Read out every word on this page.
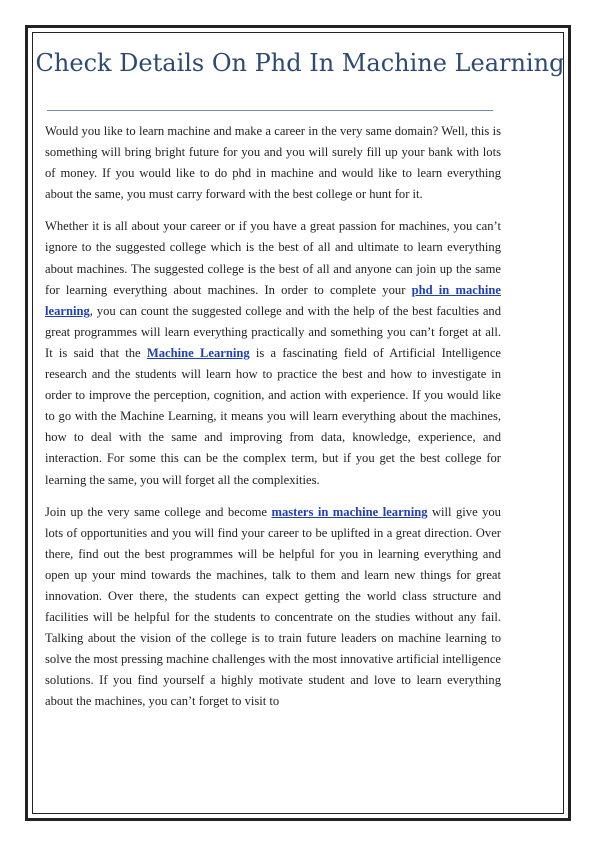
Check Details On Phd In Machine Learning

Would you like to learn machine and make a career in the very same domain? Well, this is something will bring bright future for you and you will surely fill up your bank with lots of money. If you would like to do phd in machine and would like to learn everything about the same, you must carry forward with the best college or hunt for it.

Whether it is all about your career or if you have a great passion for machines, you can’t ignore to the suggested college which is the best of all and ultimate to learn everything about machines. The suggested college is the best of all and anyone can join up the same for learning everything about machines. In order to complete your phd in machine learning, you can count the suggested college and with the help of the best faculties and great programmes will learn everything practically and something you can’t forget at all. It is said that the Machine Learning is a fascinating field of Artificial Intelligence research and the students will learn how to practice the best and how to investigate in order to improve the perception, cognition, and action with experience. If you would like to go with the Machine Learning, it means you will learn everything about the machines, how to deal with the same and improving from data, knowledge, experience, and interaction. For some this can be the complex term, but if you get the best college for learning the same, you will forget all the complexities.

Join up the very same college and become masters in machine learning will give you lots of opportunities and you will find your career to be uplifted in a great direction. Over there, find out the best programmes will be helpful for you in learning everything and open up your mind towards the machines, talk to them and learn new things for great innovation. Over there, the students can expect getting the world class structure and facilities will be helpful for the students to concentrate on the studies without any fail. Talking about the vision of the college is to train future leaders on machine learning to solve the most pressing machine challenges with the most innovative artificial intelligence solutions. If you find yourself a highly motivate student and love to learn everything about the machines, you can’t forget to visit to
